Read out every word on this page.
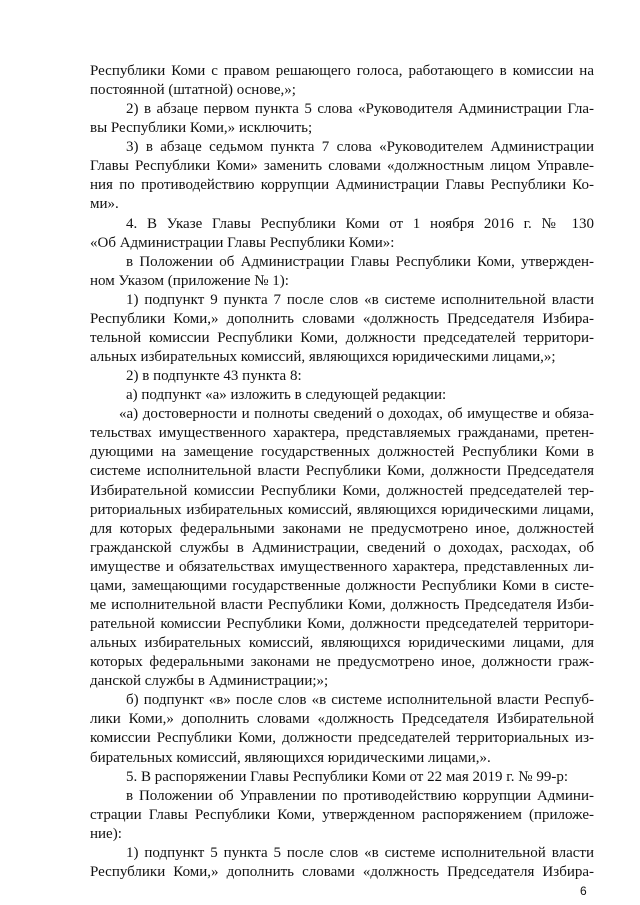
Республики Коми с правом решающего голоса, работающего в комиссии на
постоянной (штатной) основе,»;
2) в абзаце первом пункта 5 слова «Руководителя Администрации Гла-
вы Республики Коми,» исключить;
3) в абзаце седьмом пункта 7 слова «Руководителем Администрации
Главы Республики Коми» заменить словами «должностным лицом Управле-
ния по противодействию коррупции Администрации Главы Республики Ко-
ми».
4. В Указе Главы Республики Коми от 1 ноября 2016 г. № 130
«Об Администрации Главы Республики Коми»:
в Положении об Администрации Главы Республики Коми, утвержден-
ном Указом (приложение № 1):
1) подпункт 9 пункта 7 после слов «в системе исполнительной власти
Республики Коми,» дополнить словами «должность Председателя Избира-
тельной комиссии Республики Коми, должности председателей территори-
альных избирательных комиссий, являющихся юридическими лицами,»;
2) в подпункте 43 пункта 8:
а) подпункт «а» изложить в следующей редакции:
«а) достоверности и полноты сведений о доходах, об имуществе и обяза-
тельствах имущественного характера, представляемых гражданами, претен-
дующими на замещение государственных должностей Республики Коми в
системе исполнительной власти Республики Коми, должности Председателя
Избирательной комиссии Республики Коми, должностей председателей тер-
риториальных избирательных комиссий, являющихся юридическими лицами,
для которых федеральными законами не предусмотрено иное, должностей
гражданской службы в Администрации, сведений о доходах, расходах, об
имуществе и обязательствах имущественного характера, представленных ли-
цами, замещающими государственные должности Республики Коми в систе-
ме исполнительной власти Республики Коми, должность Председателя Изби-
рательной комиссии Республики Коми, должности председателей территори-
альных избирательных комиссий, являющихся юридическими лицами, для
которых федеральными законами не предусмотрено иное, должности граж-
данской службы в Администрации;»;
б) подпункт «в» после слов «в системе исполнительной власти Респуб-
лики Коми,» дополнить словами «должность Председателя Избирательной
комиссии Республики Коми, должности председателей территориальных из-
бирательных комиссий, являющихся юридическими лицами,».
5. В распоряжении Главы Республики Коми от 22 мая 2019 г. № 99-р:
в Положении об Управлении по противодействию коррупции Админи-
страции Главы Республики Коми, утвержденном распоряжением (приложе-
ние):
1) подпункт 5 пункта 5 после слов «в системе исполнительной власти
Республики Коми,» дополнить словами «должность Председателя Избира-
6
